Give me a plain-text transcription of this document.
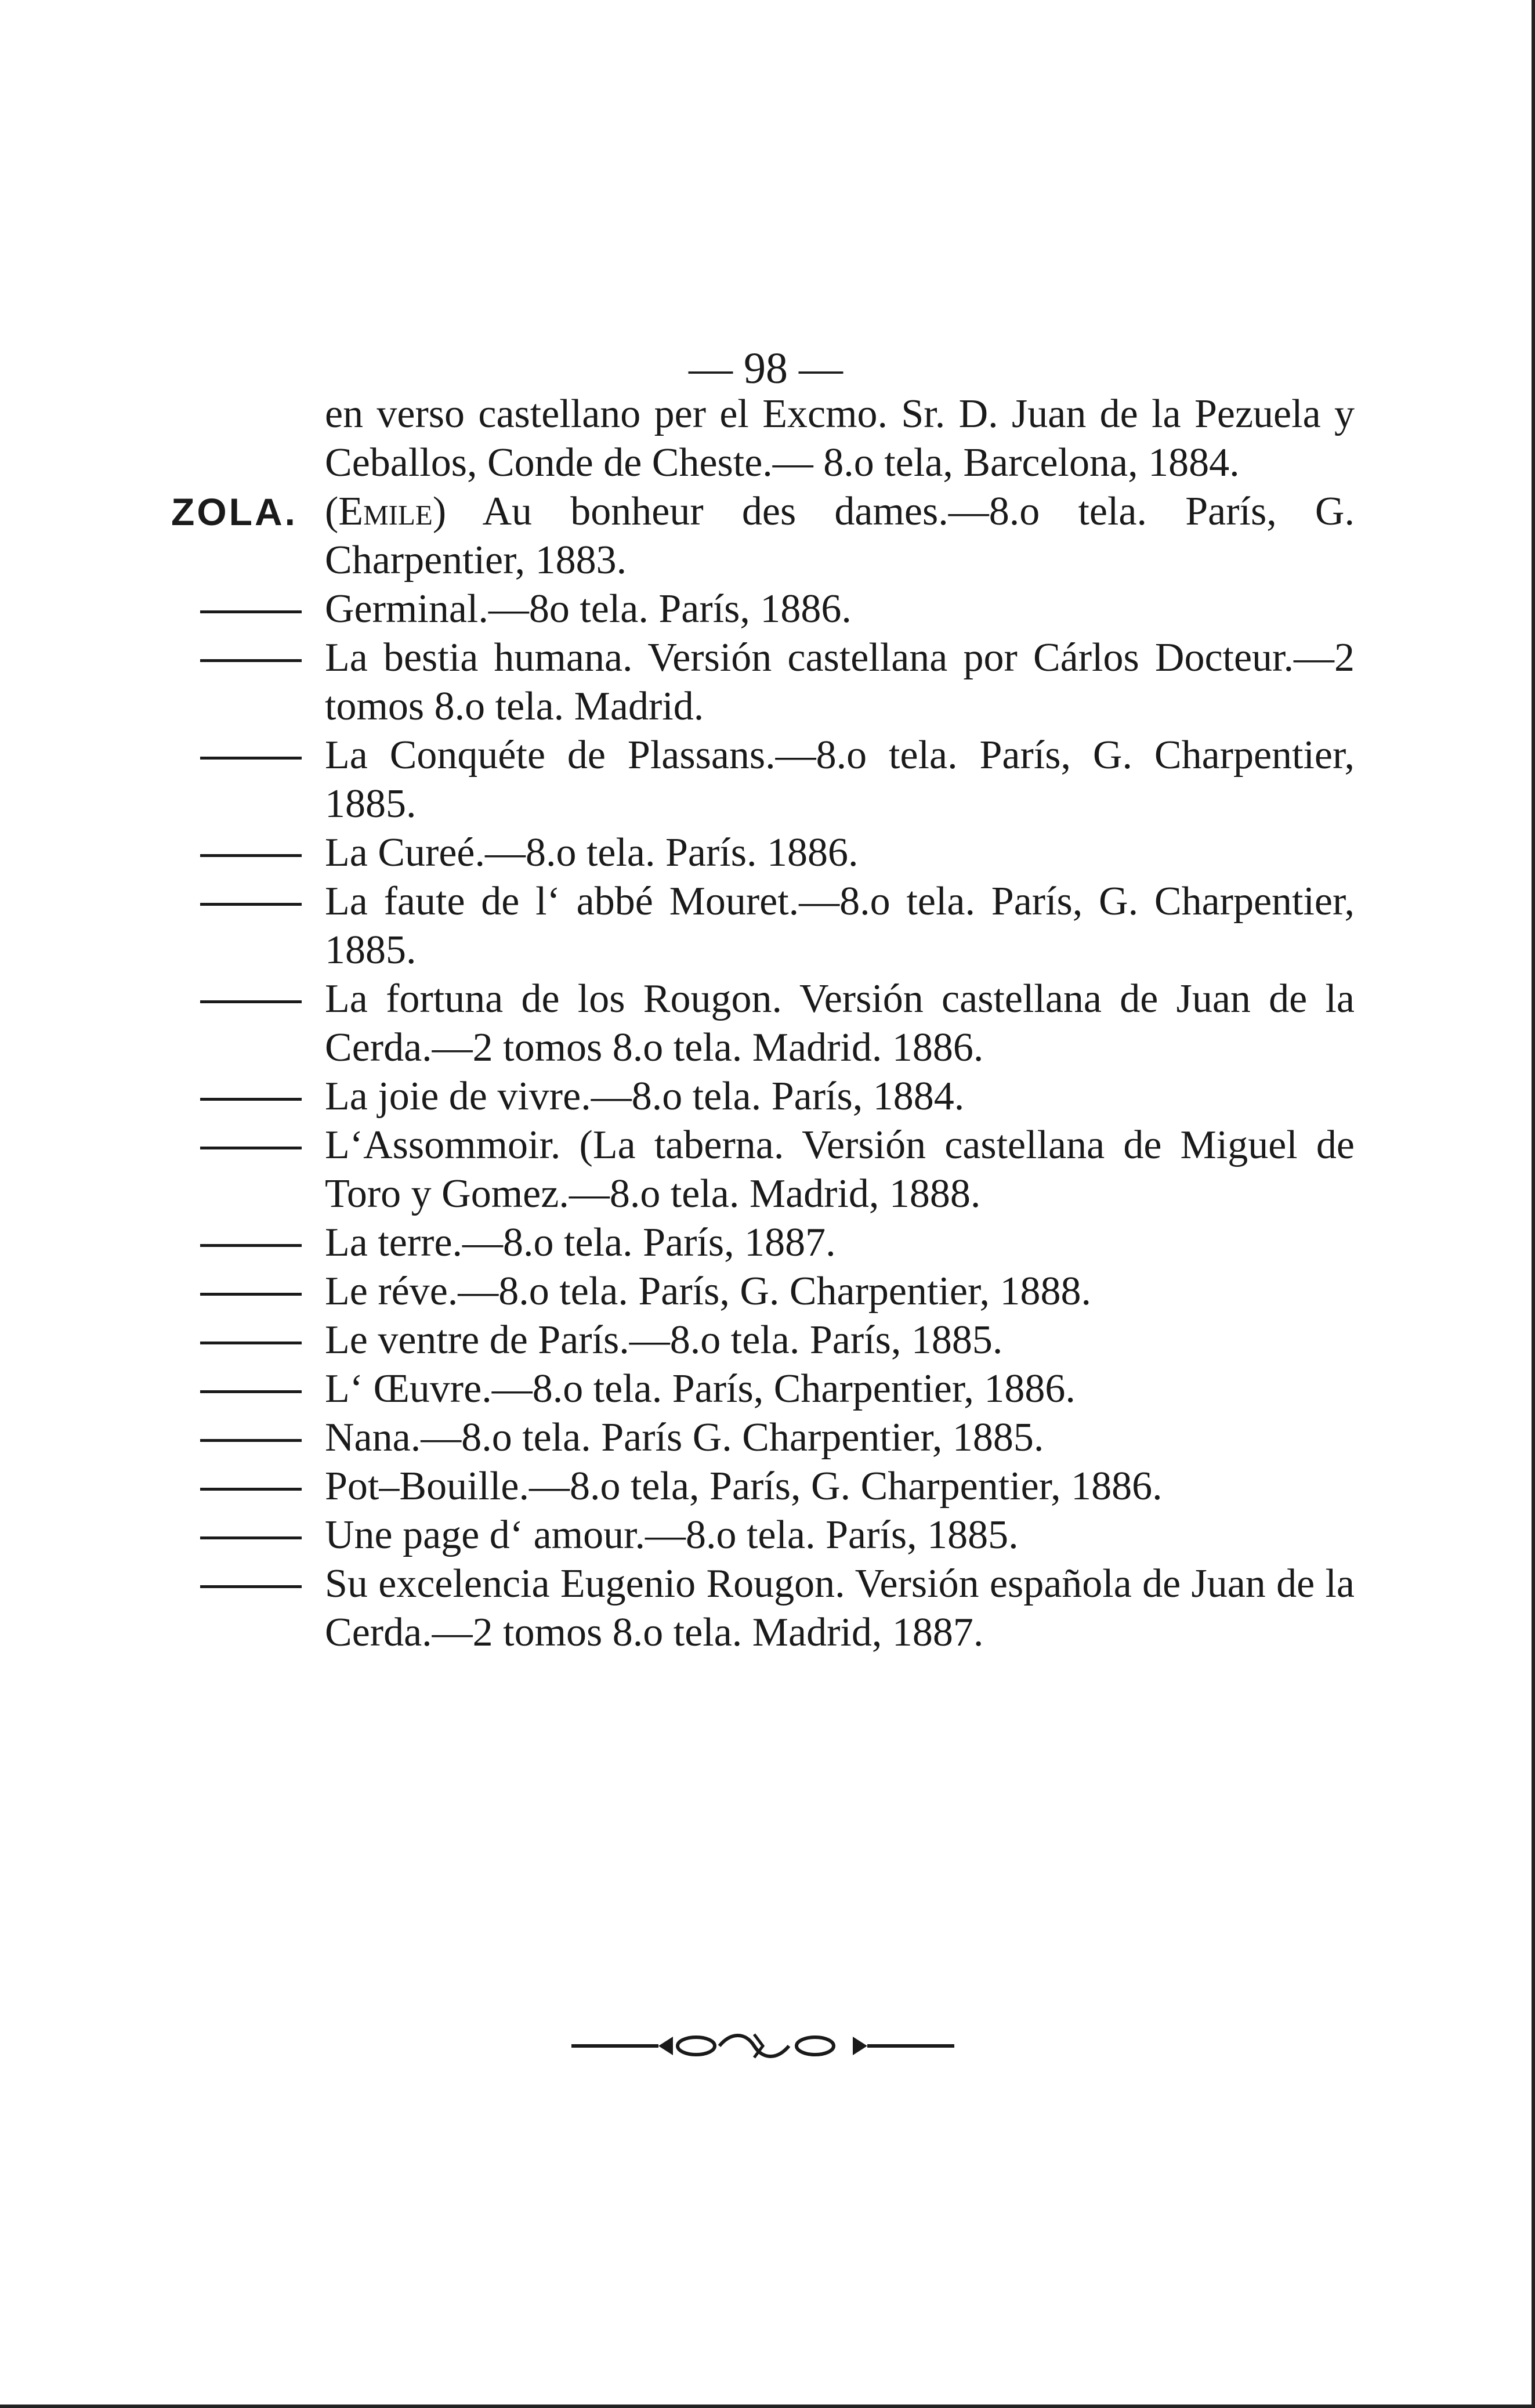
— 98 —

en verso castellano per el Excmo. Sr. D. Juan de la Pezuela y Ceballos, Conde de Cheste.— 8.o tela, Barcelona, 1884.

ZOLA. (Emile) Au bonheur des dames.—8.o tela. París, G. Charpentier, 1883.

Germinal.—8o tela. París, 1886.

La bestia humana. Versión castellana por Cárlos Docteur.—2 tomos 8.o tela. Madrid.

La Conquéte de Plassans.—8.o tela. París, G. Charpentier, 1885.

La Cureé.—8.o tela. París. 1886.

La faute de l‘ abbé Mouret.—8.o tela. París, G. Charpentier, 1885.

La fortuna de los Rougon. Versión castellana de Juan de la Cerda.—2 tomos 8.o tela. Madrid. 1886.

La joie de vivre.—8.o tela. París, 1884.

L‘Assommoir. (La taberna. Versión castellana de Miguel de Toro y Gomez.—8.o tela. Madrid, 1888.

La terre.—8.o tela. París, 1887.

Le réve.—8.o tela. París, G. Charpentier, 1888.

Le ventre de París.—8.o tela. París, 1885.

L‘ Œuvre.—8.o tela. París, Charpentier, 1886.

Nana.—8.o tela. París G. Charpentier, 1885.

Pot–Bouille.—8.o tela, París, G. Charpentier, 1886.

Une page d‘ amour.—8.o tela. París, 1885.

Su excelencia Eugenio Rougon. Versión española de Juan de la Cerda.—2 tomos 8.o tela. Madrid, 1887.
